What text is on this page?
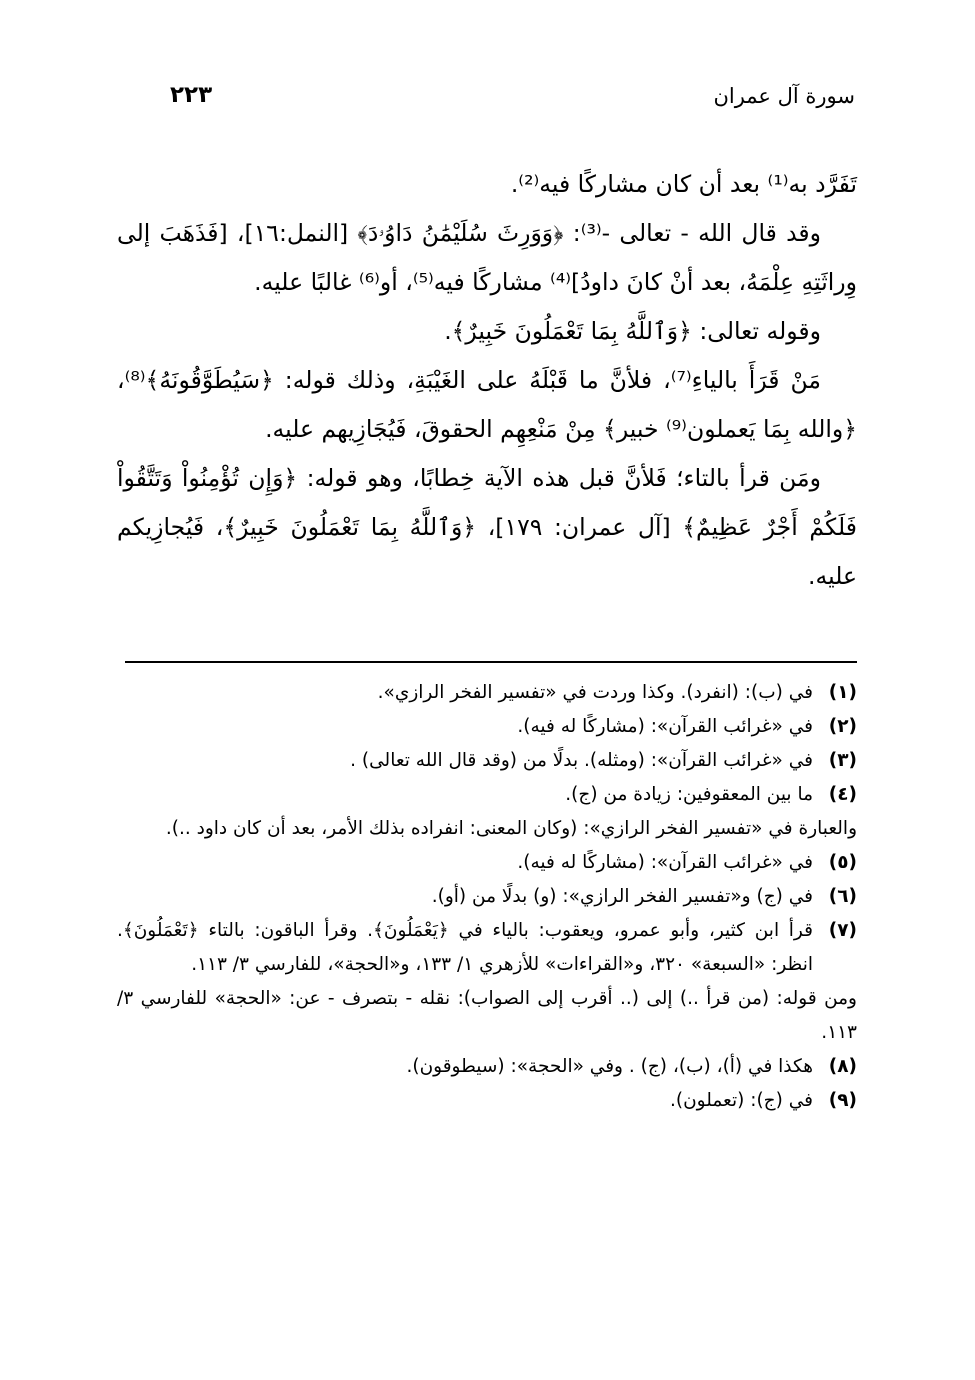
سورة آل عمران
٢٢٣

تَفَرَّد به⁽¹⁾ بعد أن كان مشاركًا فيه⁽²⁾.

وقد قال الله - تعالى -⁽³⁾: ﴿وَوَرِثَ سُلَيْمَٰنُ دَاوُۥدَ﴾ [النمل:١٦]، [فَذَهَبَ إلى وِراثَتِهِ عِلْمَهُ، بعد أنْ كانَ داودُ]⁽⁴⁾ مشاركًا فيه⁽⁵⁾، أو⁽⁶⁾ غالبًا عليه.

وقوله تعالى: ﴿وَٱللَّهُ بِمَا تَعْمَلُونَ خَبِيرٌ﴾.

مَنْ قَرَأَ بالياءِ⁽⁷⁾، فلأنَّ ما قَبْلَهُ على الغَيْبَةِ، وذلك قوله: ﴿سَيُطَوَّقُونَهُ﴾⁽⁸⁾، ﴿والله بِمَا يَعملون⁽⁹⁾ خبير﴾ مِنْ مَنْعِهِم الحقوقَ، فَيُجَازِيهم عليه.

ومَن قرأ بالتاء؛ فَلأنَّ قبل هذه الآية خِطابًا، وهو قوله: ﴿وَإِن تُؤْمِنُواْ وَتَتَّقُواْ فَلَكُمْ أَجْرٌ عَظِيمٌ﴾ [آل عمران: ١٧٩]، ﴿وَٱللَّهُ بِمَا تَعْمَلُونَ خَبِيرٌ﴾، فَيُجازِيكم عليه.

(١)
في (ب): (انفرد). وكذا وردت في «تفسير الفخر الرازي».
(٢)
في «غرائب القرآن»: (مشاركًا له فيه).
(٣)
في «غرائب القرآن»: (ومثله). بدلًا من (وقد قال الله تعالى) .
(٤)
ما بين المعقوفين: زيادة من (ج).

والعبارة في «تفسير الفخر الرازي»: (وكان المعنى: انفراده بذلك الأمر، بعد أن كان داود ..).

(٥)
في «غرائب القرآن»: (مشاركًا له فيه).
(٦)
في (ج) و«تفسير الفخر الرازي»: (و) بدلًا من (أو).
(٧)
قرأ ابن كثير، وأبو عمرو، ويعقوب: بالياء في ﴿يَعْمَلُونَ﴾. وقرأ الباقون: بالتاء ﴿تَعْمَلُونَ﴾. انظر: «السبعة» ٣٢٠، و«القراءات» للأزهري ١/ ١٣٣، و«الحجة»، للفارسي ٣/ ١١٣.

ومن قوله: (من قرأ ..) إلى (.. أقرب إلى الصواب): نقله - بتصرف - عن: «الحجة» للفارسي ٣/ ١١٣.

(٨)
هكذا في (أ)، (ب)، (ج) . وفي «الحجة»: (سيطوقون).
(٩)
في (ج): (تعملون).
